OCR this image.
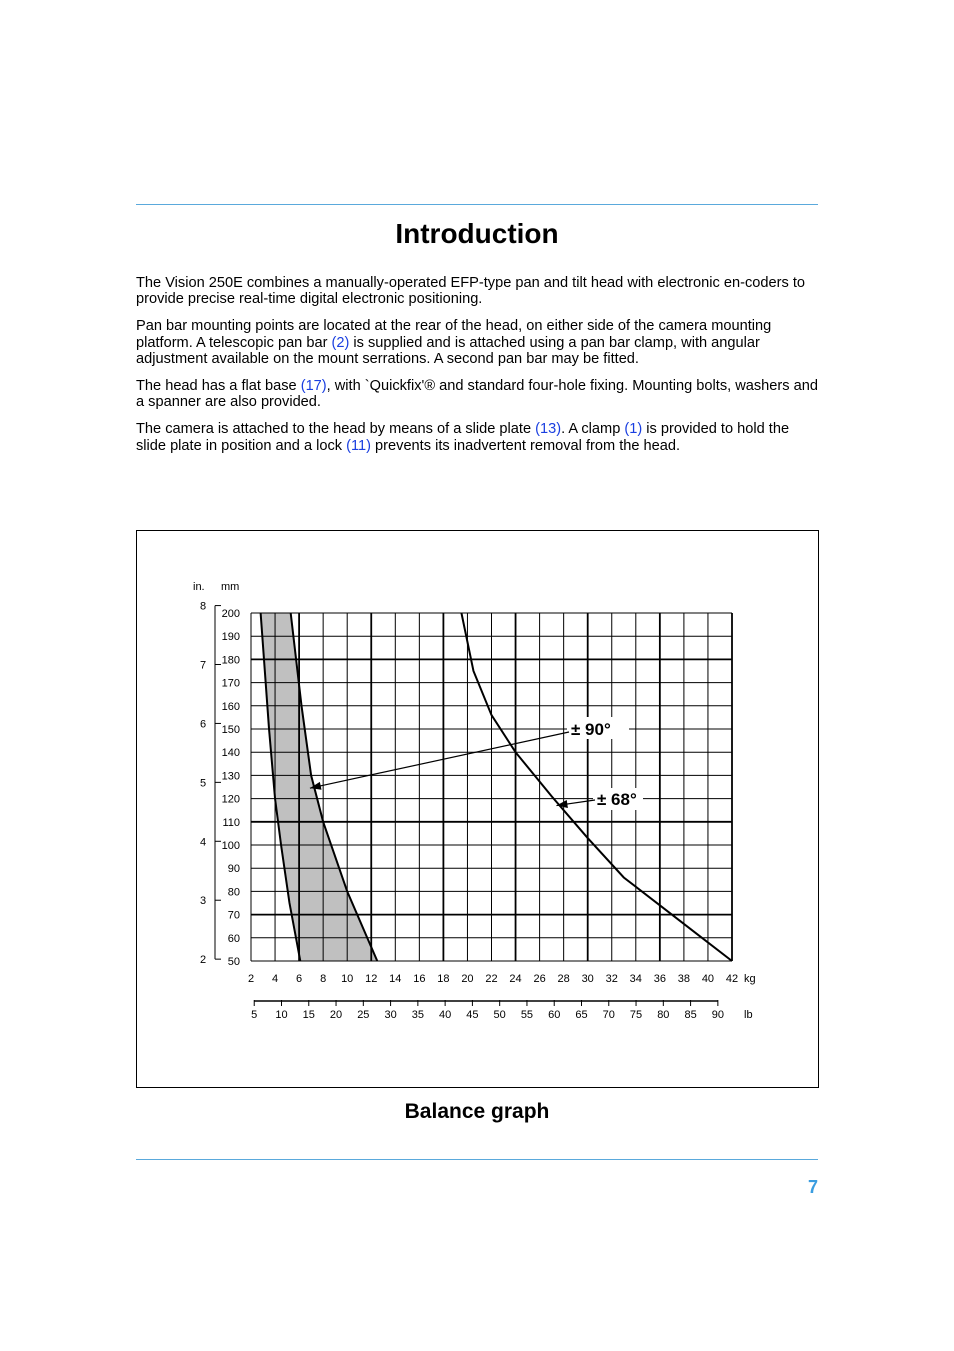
Introduction

The Vision 250E combines a manually-operated EFP-type pan and tilt head with electronic en-coders to provide precise real-time digital electronic positioning.

Pan bar mounting points are located at the rear of the head, on either side of the camera mounting platform. A telescopic pan bar (2) is supplied and is attached using a pan bar clamp, with angular adjustment available on the mount serrations. A second pan bar may be fitted.

The head has a flat base (17), with `Quickfix'® and standard four-hole fixing. Mounting bolts, washers and a spanner are also provided.

The camera is attached to the head by means of a slide plate (13). A clamp (1) is provided to hold the slide plate in position and a lock (11) prevents its inadvertent removal from the head.

2 4 6 8 10 12 14 16 18 20 22 24 26 28 30 32 34 36 38 40 42 kg
5 10 15 20 25 30 35 40 45 50 55 60 65 70 75 80 85 90 lb
50
60
70
80
90
100
110
120
130
140
150
160
170
180
190
200
mm
2
3
4
5
6
7
8
in.
± 90°
± 68°
Balance graph
7
